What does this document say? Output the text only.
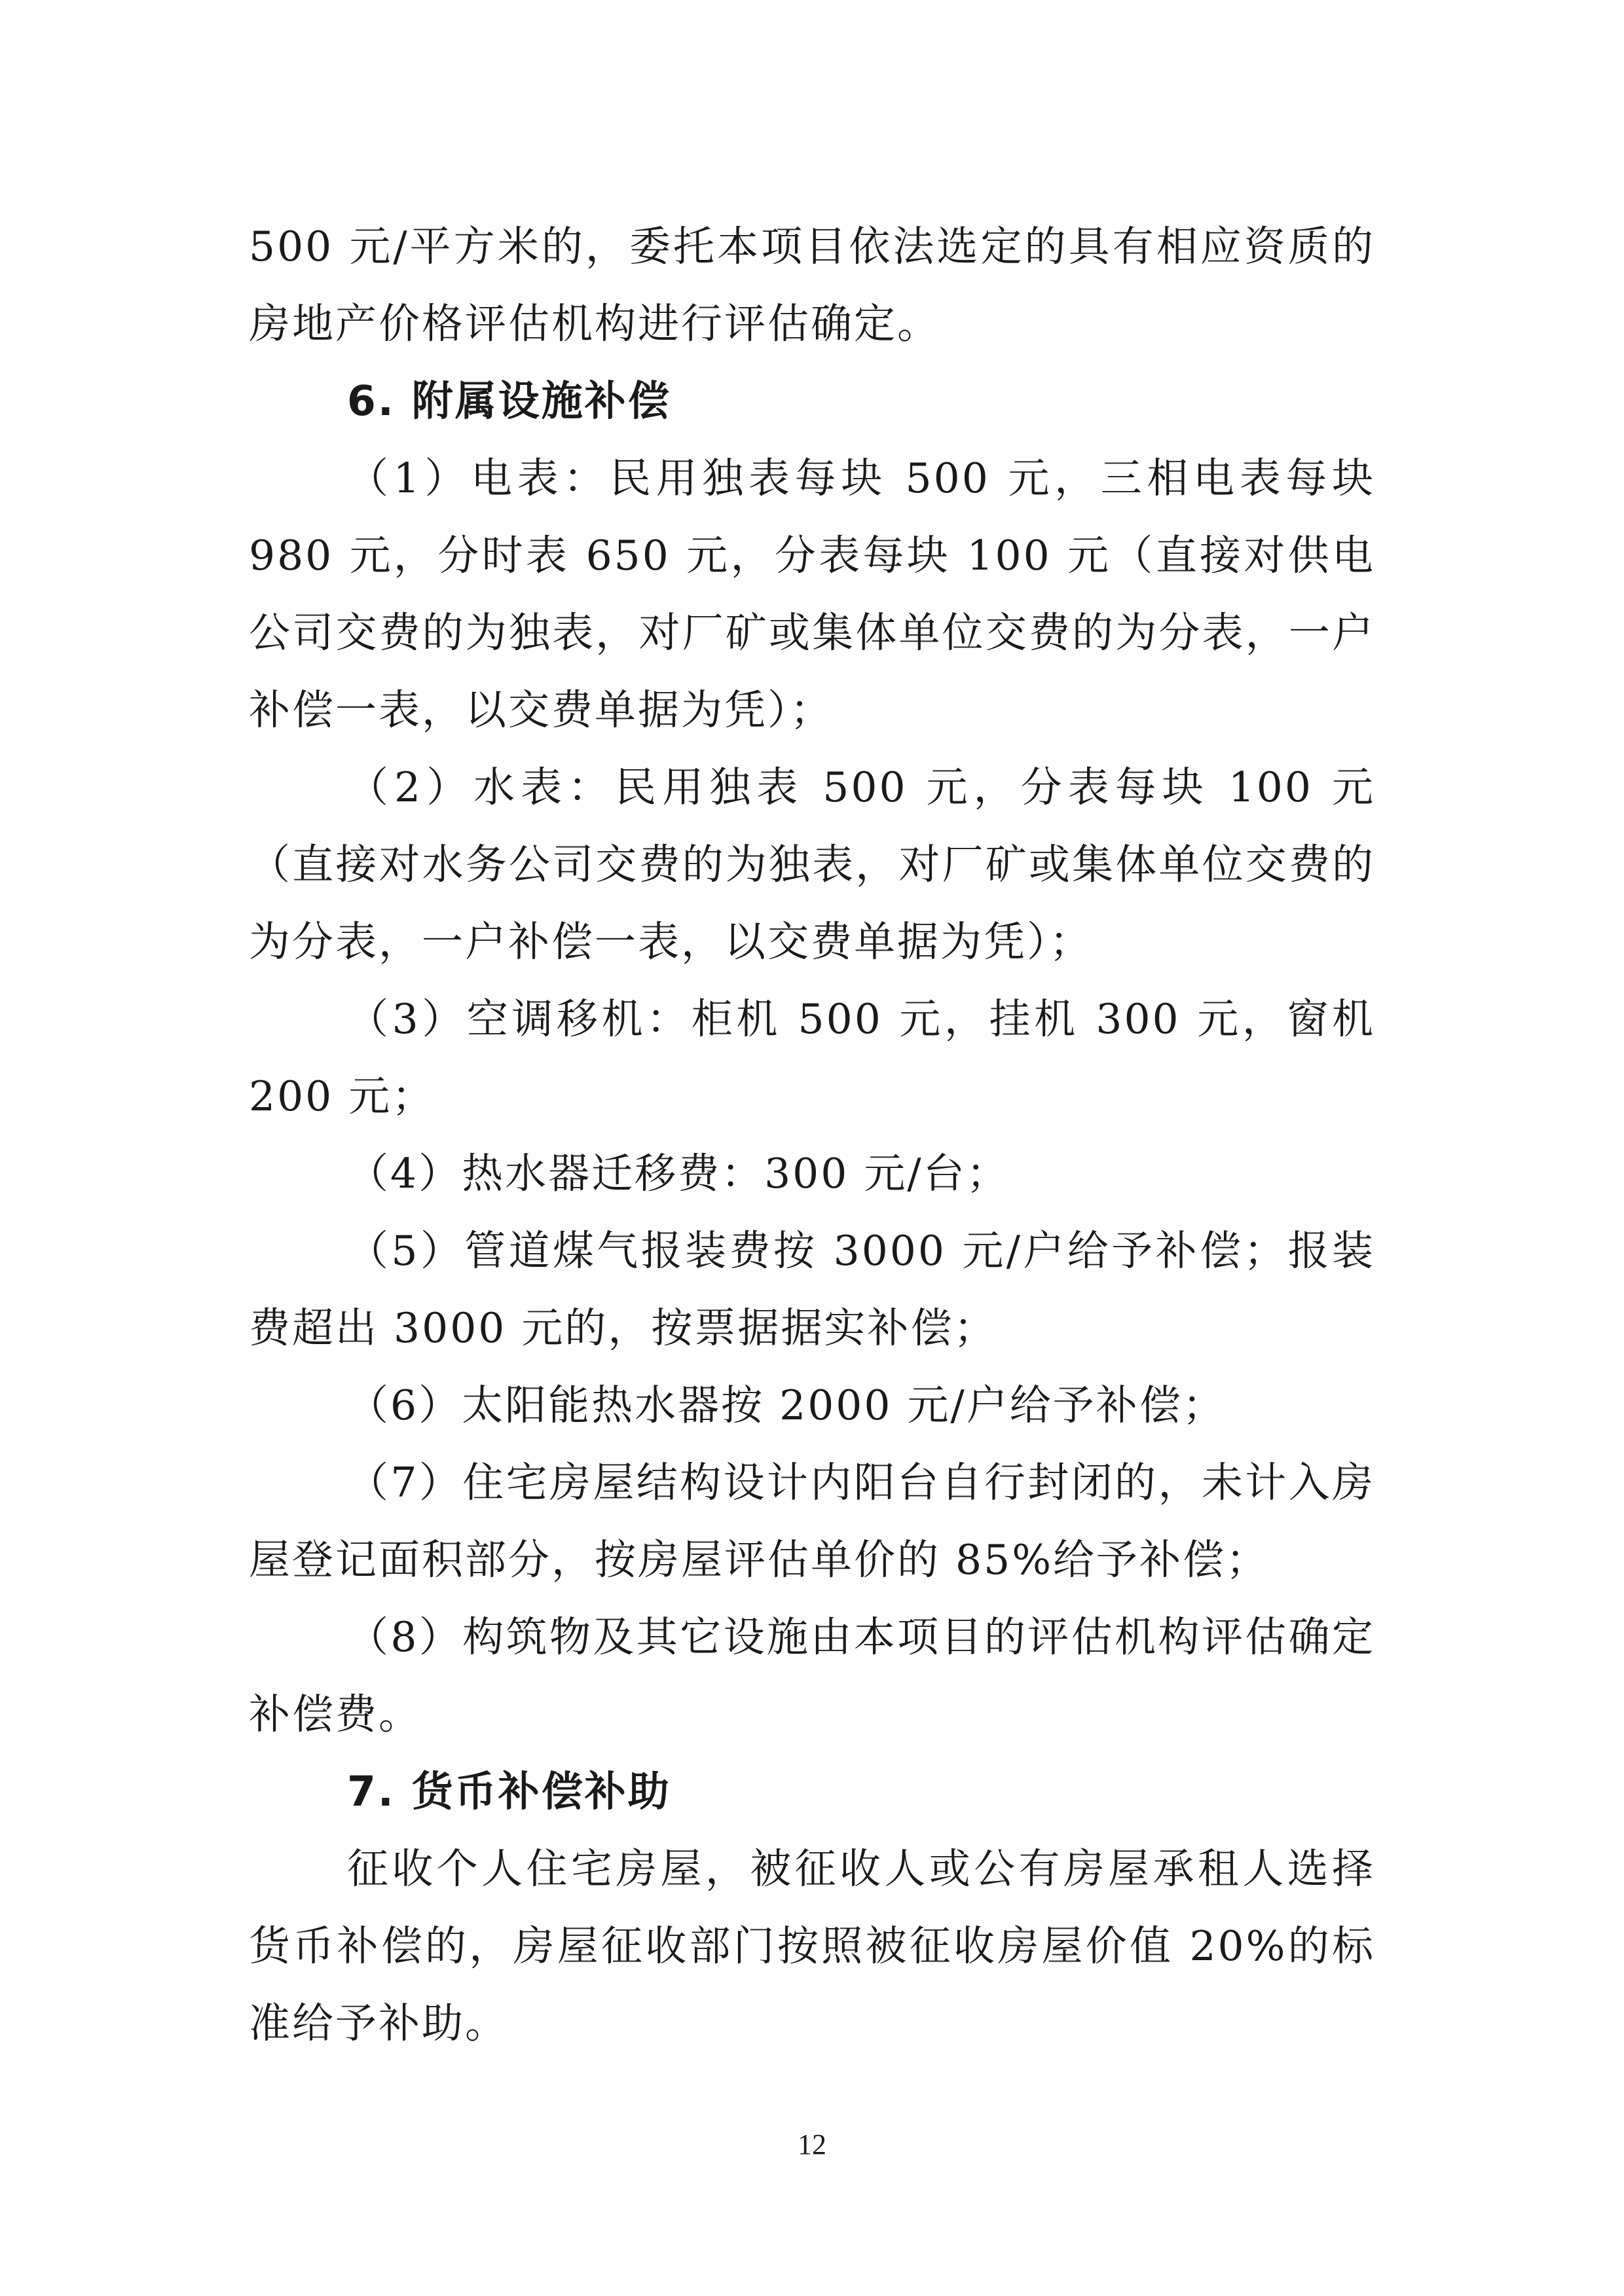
500 元/平方米的，委托本项目依法选定的具有相应资质的房地产价格评估机构进行评估确定。

6. 附属设施补偿

（1）电表：民用独表每块 500 元，三相电表每块 980 元，分时表 650 元，分表每块 100 元（直接对供电公司交费的为独表，对厂矿或集体单位交费的为分表，一户补偿一表，以交费单据为凭）；

（2）水表：民用独表 500 元，分表每块 100 元（直接对水务公司交费的为独表，对厂矿或集体单位交费的为分表，一户补偿一表，以交费单据为凭）；

（3）空调移机：柜机 500 元，挂机 300 元，窗机 200 元；

（4）热水器迁移费：300 元/台；

（5）管道煤气报装费按 3000 元/户给予补偿；报装费超出 3000 元的，按票据据实补偿；

（6）太阳能热水器按 2000 元/户给予补偿；

（7）住宅房屋结构设计内阳台自行封闭的，未计入房屋登记面积部分，按房屋评估单价的 85%给予补偿；

（8）构筑物及其它设施由本项目的评估机构评估确定补偿费。

7. 货币补偿补助

征收个人住宅房屋，被征收人或公有房屋承租人选择货币补偿的，房屋征收部门按照被征收房屋价值 20%的标准给予补助。

12
